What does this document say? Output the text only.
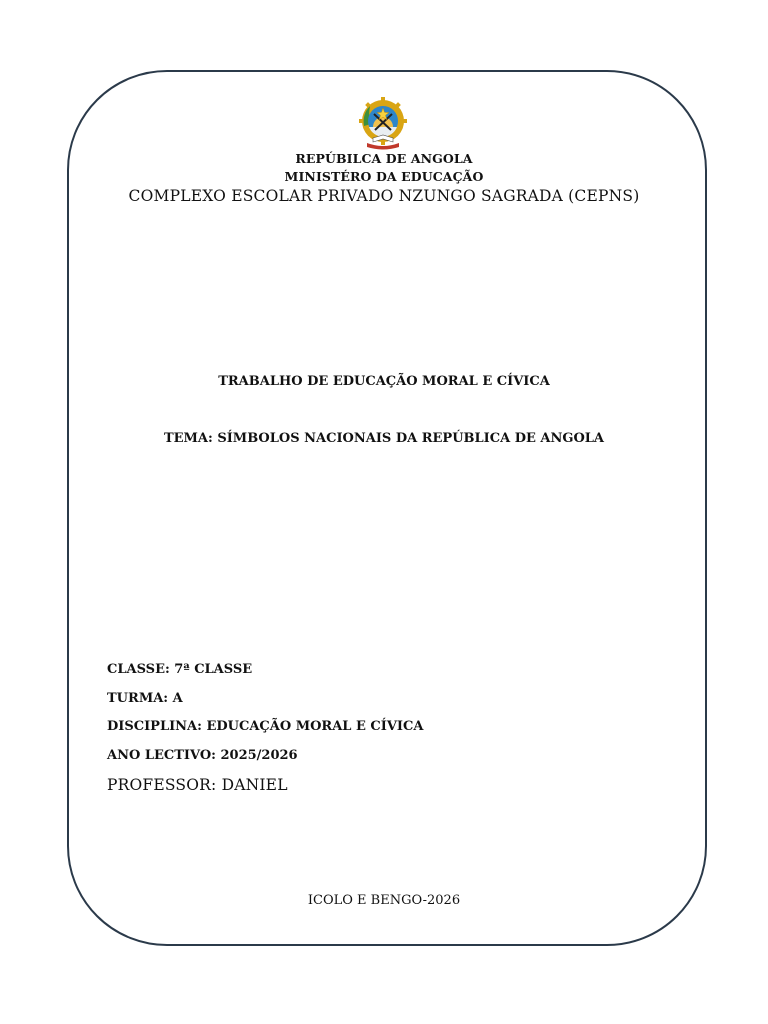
REPÚBILCA DE ANGOLA
MINISTÉRO DA EDUCAÇÃO
COMPLEXO ESCOLAR PRIVADO NZUNGO SAGRADA (CEPNS)
TRABALHO DE EDUCAÇÃO MORAL E CÍVICA
TEMA: SÍMBOLOS NACIONAIS DA REPÚBLICA DE ANGOLA
CLASSE: 7ª CLASSE
TURMA: A
DISCIPLINA: EDUCAÇÃO MORAL E CÍVICA
ANO LECTIVO: 2025/2026
PROFESSOR: DANIEL
ICOLO E BENGO-2026
